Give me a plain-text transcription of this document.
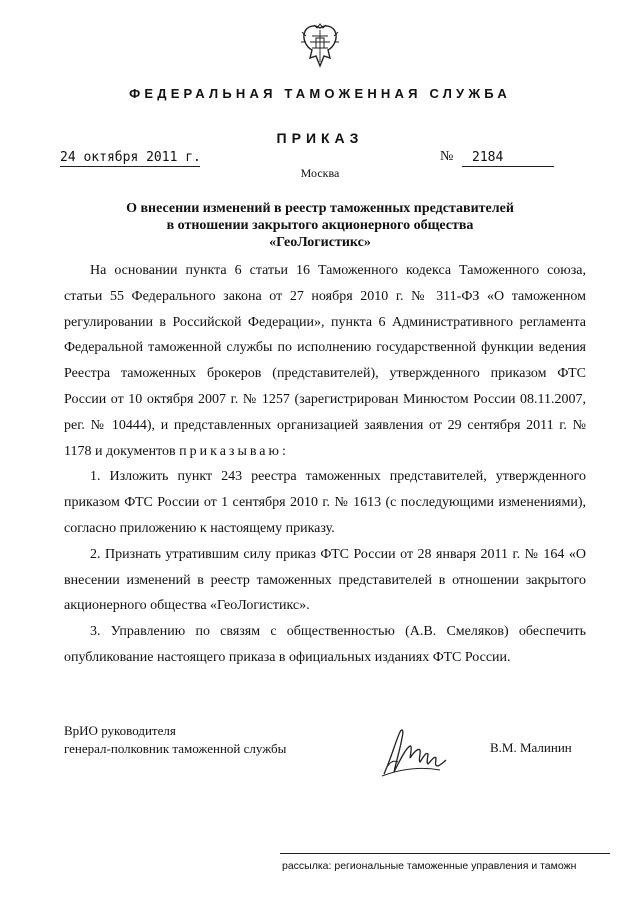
ФЕДЕРАЛЬНАЯ ТАМОЖЕННАЯ СЛУЖБА
ПРИКАЗ
24 октября 2011 г.	№	2184
Москва
О внесении изменений в реестр таможенных представителей
в отношении закрытого акционерного общества
«ГеоЛогистикс»

На основании пункта 6 статьи 16 Таможенного кодекса Таможенного союза, статьи 55 Федерального закона от 27 ноября 2010 г. № 311-ФЗ «О таможенном регулировании в Российской Федерации», пункта 6 Административного регламента Федеральной таможенной службы по исполнению государственной функции ведения Реестра таможенных брокеров (представителей), утвержденного приказом ФТС России от 10 октября 2007 г. № 1257 (зарегистрирован Минюстом России 08.11.2007, рег. № 10444), и представленных организацией заявления от 29 сентября 2011 г. № 1178 и документов приказываю:

1. Изложить пункт 243 реестра таможенных представителей, утвержденного приказом ФТС России от 1 сентября 2010 г. № 1613 (с последующими изменениями), согласно приложению к настоящему приказу.

2. Признать утратившим силу приказ ФТС России от 28 января 2011 г. № 164 «О внесении изменений в реестр таможенных представителей в отношении закрытого акционерного общества «ГеоЛогистикс».

3. Управлению по связям с общественностью (А.В. Смеляков) обеспечить опубликование настоящего приказа в официальных изданиях ФТС России.

ВрИО руководителя
генерал-полковник таможенной службы	В.М. Малинин
рассылка: региональные таможенные управления и таможн
